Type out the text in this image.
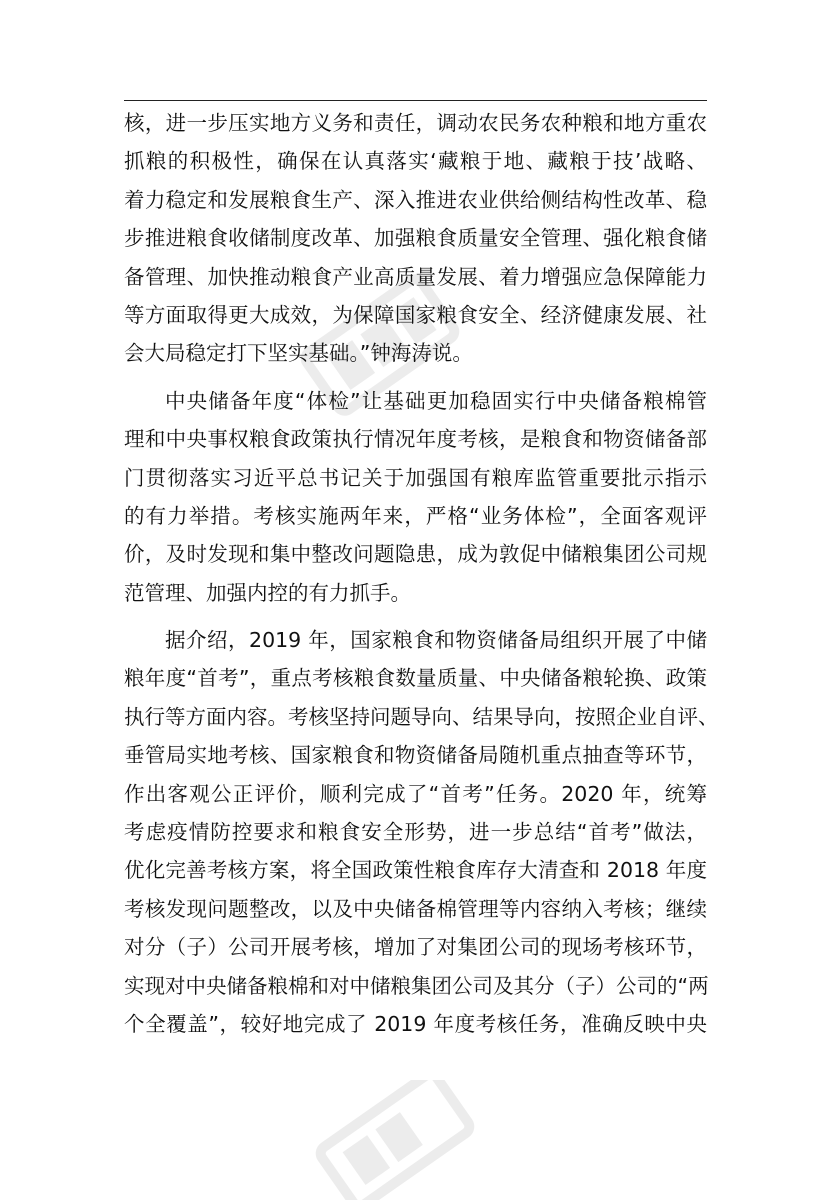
核，进一步压实地方义务和责任，调动农民务农种粮和地方重农
抓粮的积极性，确保在认真落实‘藏粮于地、藏粮于技’战略、
着力稳定和发展粮食生产、深入推进农业供给侧结构性改革、稳
步推进粮食收储制度改革、加强粮食质量安全管理、强化粮食储
备管理、加快推动粮食产业高质量发展、着力增强应急保障能力
等方面取得更大成效，为保障国家粮食安全、经济健康发展、社
会大局稳定打下坚实基础。”钟海涛说。
中央储备年度“体检”让基础更加稳固实行中央储备粮棉管
理和中央事权粮食政策执行情况年度考核，是粮食和物资储备部
门贯彻落实习近平总书记关于加强国有粮库监管重要批示指示
的有力举措。考核实施两年来，严格“业务体检”，全面客观评
价，及时发现和集中整改问题隐患，成为敦促中储粮集团公司规
范管理、加强内控的有力抓手。
据介绍，2019 年，国家粮食和物资储备局组织开展了中储
粮年度“首考”，重点考核粮食数量质量、中央储备粮轮换、政策
执行等方面内容。考核坚持问题导向、结果导向，按照企业自评、
垂管局实地考核、国家粮食和物资储备局随机重点抽查等环节，
作出客观公正评价，顺利完成了“首考”任务。2020 年，统筹
考虑疫情防控要求和粮食安全形势，进一步总结“首考”做法，
优化完善考核方案，将全国政策性粮食库存大清查和 2018 年度
考核发现问题整改，以及中央储备棉管理等内容纳入考核；继续
对分（子）公司开展考核，增加了对集团公司的现场考核环节，
实现对中央储备粮棉和对中储粮集团公司及其分（子）公司的“两
个全覆盖”，较好地完成了 2019 年度考核任务，准确反映中央
